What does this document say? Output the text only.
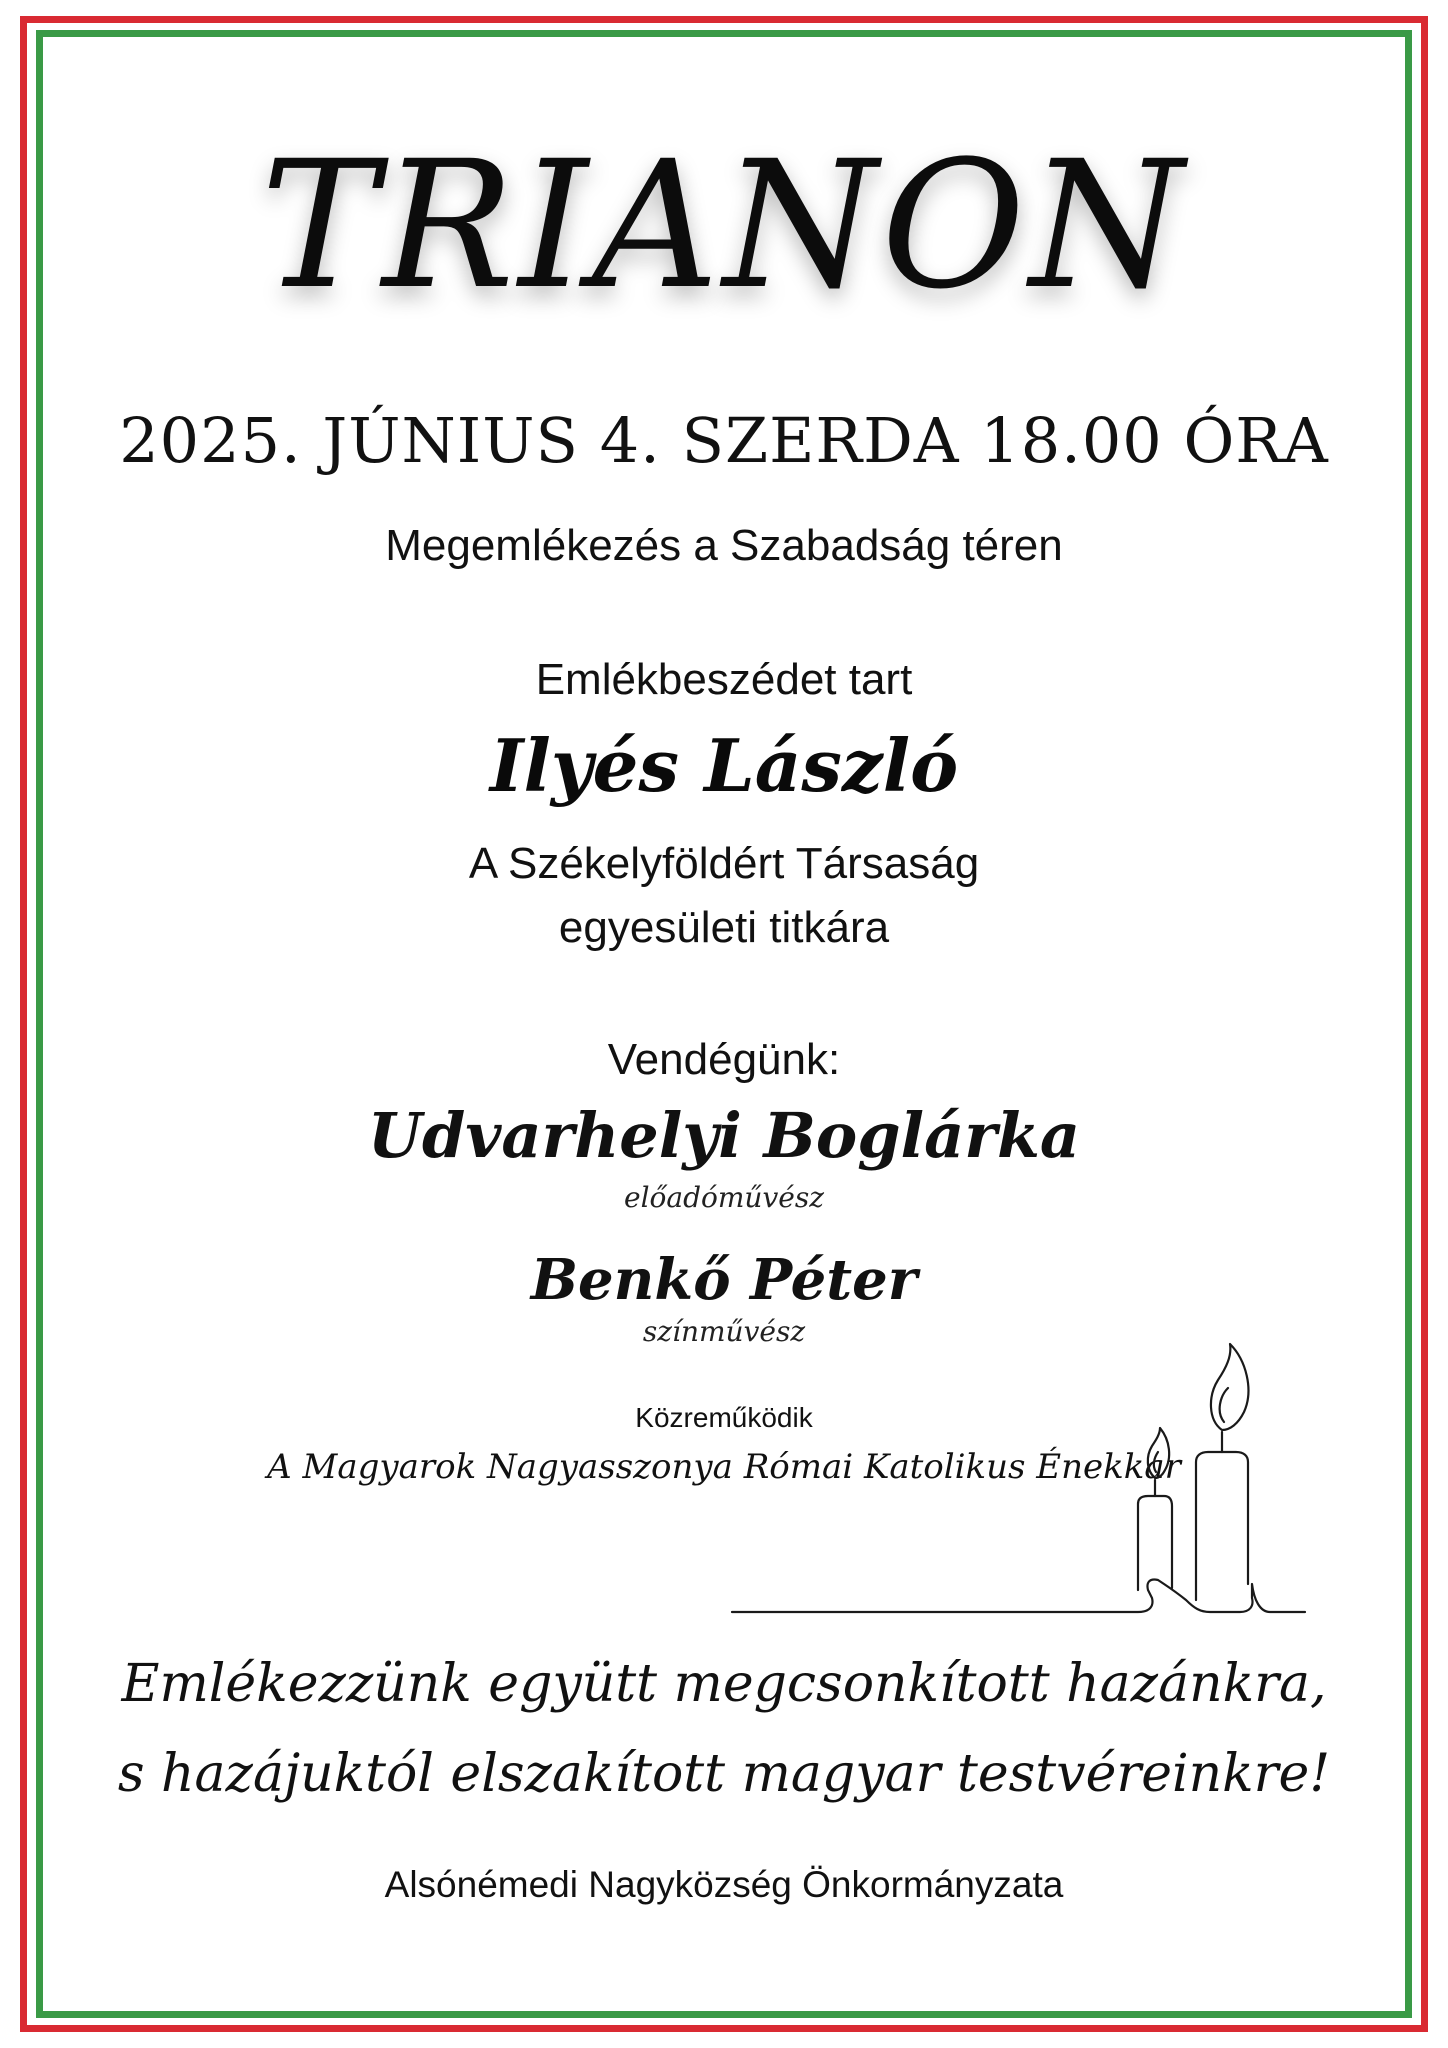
TRIANON
2025. JÚNIUS 4. SZERDA 18.00 ÓRA
Megemlékezés a Szabadság téren
Emlékbeszédet tart
Ilyés László
A Székelyföldért Társaság
egyesületi titkára
Vendégünk:
Udvarhelyi Boglárka
előadóművész
Benkő Péter
színművész
Közreműködik
A Magyarok Nagyasszonya Római Katolikus Énekkar
Emlékezzünk együtt megcsonkított hazánkra,
s hazájuktól elszakított magyar testvéreinkre!
Alsónémedi Nagyközség Önkormányzata
